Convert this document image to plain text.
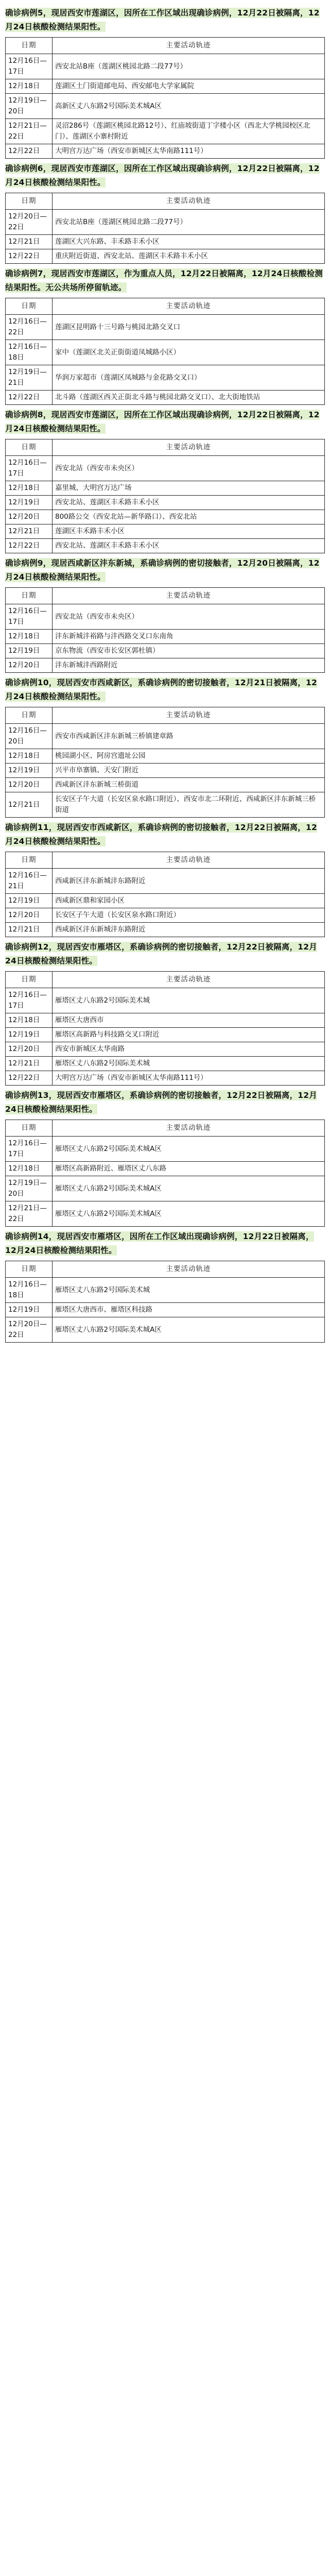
确诊病例5，现居西安市莲湖区，因所在工作区域出现确诊病例，12月22日被隔离，12月24日核酸检测结果阳性。
日期	主要活动轨迹
12月16日—17日	西安北站B座（莲湖区桃园北路二段77号）
12月18日	莲湖区土门街道邮电局、西安邮电大学家属院
12月19日—20日	高新区丈八东路2号国际美术城A区
12月21日—22日	灵沼286号（莲湖区桃园北路12号）、红庙坡街道丁字楼小区（西北大学桃园校区北门）、莲湖区小寨村附近
12月22日	大明宫万达广场（西安市新城区太华南路111号）
确诊病例6，现居西安市莲湖区，因所在工作区域出现确诊病例，12月22日被隔离，12月24日核酸检测结果阳性。
日期	主要活动轨迹
12月20日—22日	西安北站B座（莲湖区桃园北路二段77号）
12月21日	莲湖区大兴东路、丰禾路丰禾小区
12月22日	重庆附近街道、西安北站、莲湖区丰禾路丰禾小区
确诊病例7，现居西安市莲湖区，作为重点人员，12月22日被隔离，12月24日核酸检测结果阳性。无公共场所停留轨迹。
日期	主要活动轨迹
12月16日—22日	莲湖区昆明路十三号路与桃园北路交叉口
12月16日—18日	家中（莲湖区北关正街街道凤城路小区）
12月19日—21日	华润万家超市（莲湖区凤城路与金花路交叉口）
12月22日	北斗路（莲湖区西关正街北斗路与桃园北路交叉口）、北大街地铁站
确诊病例8，现居西安市莲湖区，因所在工作区域出现确诊病例，12月22日被隔离，12月24日核酸检测结果阳性。
日期	主要活动轨迹
12月16日—17日	西安北站（西安市未央区）
12月18日	嘉里城、大明宫万达广场
12月19日	西安北站、莲湖区丰禾路丰禾小区
12月20日	800路公交（西安北站—新华路口）、西安北站
12月21日	莲湖区丰禾路丰禾小区
12月22日	西安北站、莲湖区丰禾路丰禾小区
确诊病例9，现居西咸新区沣东新城，系确诊病例的密切接触者，12月20日被隔离，12月24日核酸检测结果阳性。
日期	主要活动轨迹
12月16日—17日	西安北站（西安市未央区）
12月18日	沣东新城沣裕路与沣西路交叉口东南角
12月19日	京东物流（西安市长安区郭杜镇）
12月20日	沣东新城沣西路附近
确诊病例10，现居西安市西咸新区，系确诊病例的密切接触者，12月21日被隔离，12月24日核酸检测结果阳性。
日期	主要活动轨迹
12月16日—20日	西安市西咸新区沣东新城三桥镇建章路
12月18日	桃园湖小区、阿房宫遗址公园
12月19日	兴平市阜寨镇、天安门附近
12月20日	西咸新区沣东新城三桥街道
12月21日	长安区子午大道（长安区泉水路口附近）、西安市北二环附近、西咸新区沣东新城三桥街道
确诊病例11，现居西安市西咸新区，系确诊病例的密切接触者，12月22日被隔离，12月24日核酸检测结果阳性。
日期	主要活动轨迹
12月16日—21日	西咸新区沣东新城沣东路附近
12月19日	西咸新区鼎和家园小区
12月20日	长安区子午大道（长安区泉水路口附近）
12月21日	西咸新区沣东新城沣东路附近
确诊病例12，现居西安市雁塔区，系确诊病例的密切接触者，12月22日被隔离，12月24日核酸检测结果阳性。
日期	主要活动轨迹
12月16日—17日	雁塔区丈八东路2号国际美术城
12月18日	雁塔区大唐西市
12月19日	雁塔区高新路与科技路交叉口附近
12月20日	西安市新城区太华南路
12月21日	雁塔区丈八东路2号国际美术城
12月22日	大明宫万达广场（西安市新城区太华南路111号）
确诊病例13，现居西安市雁塔区，系确诊病例的密切接触者，12月22日被隔离，12月24日核酸检测结果阳性。
日期	主要活动轨迹
12月16日—17日	雁塔区丈八东路2号国际美术城A区
12月18日	雁塔区高新路附近、雁塔区丈八东路
12月19日—20日	雁塔区丈八东路2号国际美术城A区
12月21日—22日	雁塔区丈八东路2号国际美术城A区
确诊病例14，现居西安市雁塔区，因所在工作区域出现确诊病例，12月22日被隔离，12月24日核酸检测结果阳性。
日期	主要活动轨迹
12月16日—18日	雁塔区丈八东路2号国际美术城
12月19日	雁塔区大唐西市、雁塔区科技路
12月20日—22日	雁塔区丈八东路2号国际美术城A区
